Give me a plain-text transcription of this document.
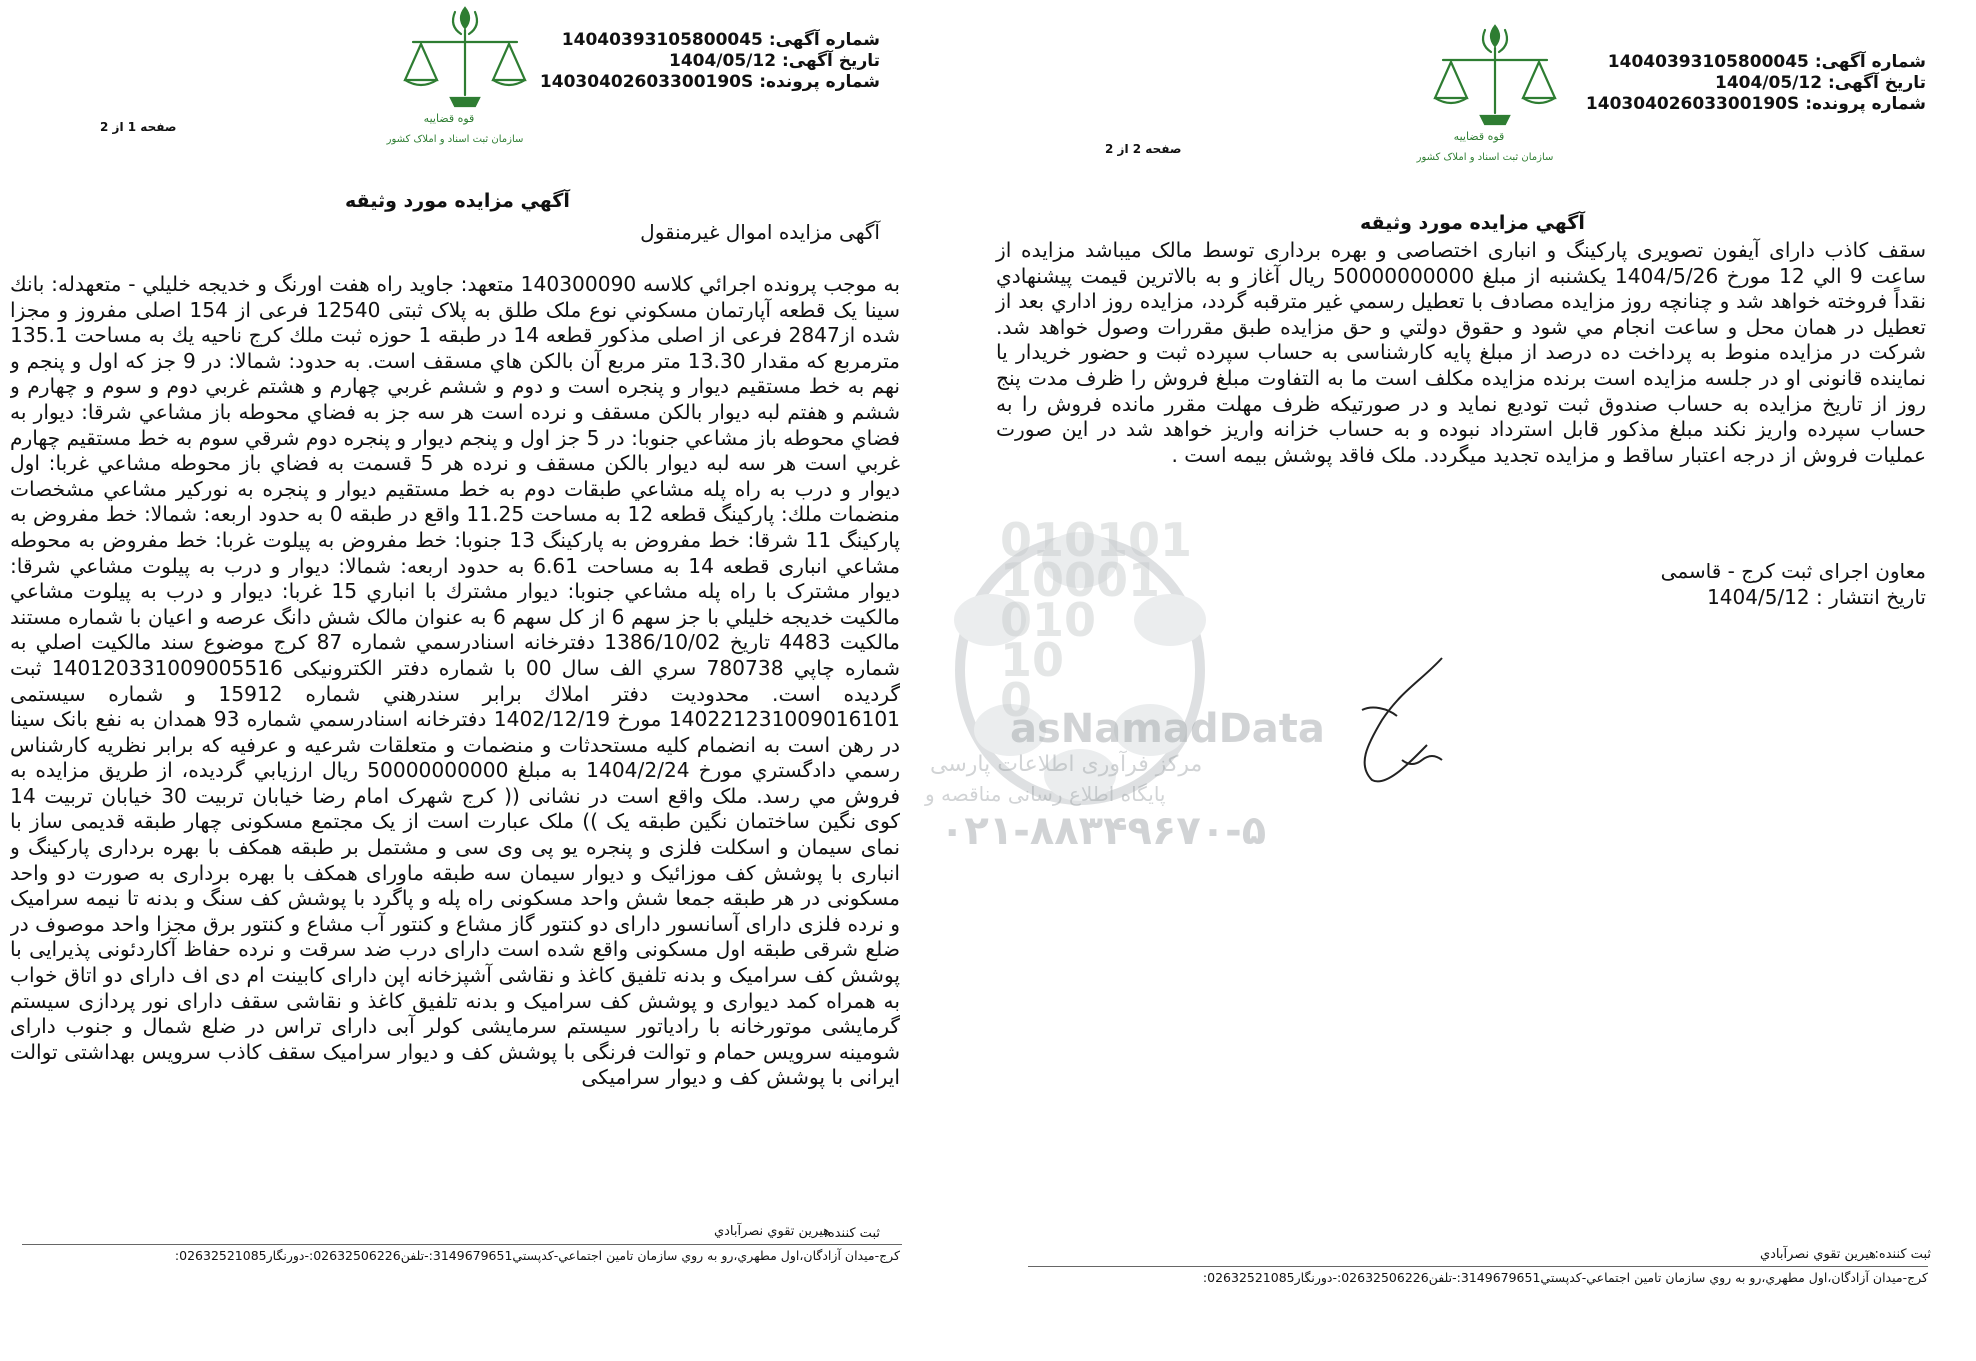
010101
10001
010
10
0
asNamadData
مرکز فرآوری اطلاعات پارسی
پایگاه اطلاع رسانی مناقصه و
۰۲۱-۸۸۳۴۹۶۷۰-۵
قوه قضاییه
سازمان ثبت اسناد و املاک کشور
شماره آگهی: 14040393105800045
تاریخ آگهی: 1404/05/12
شماره پرونده: 14030402603300190S
صفحه 1 از 2
آگهي مزايده مورد وثيقه
آگهی مزایده اموال غیرمنقول
به موجب پرونده اجرائي کلاسه 140300090 متعهد: جاويد راه هفت اورنگ و خديجه خليلي - متعهدله: بانك سينا يک قطعه آپارتمان مسکوني نوع ملک طلق به پلاک ثبتی 12540 فرعی از 154 اصلی مفروز و مجزا شده از2847 فرعی از اصلی مذکور قطعه 14 در طبقه 1 حوزه ثبت ملك كرج ناحيه يك به مساحت 135.1 مترمربع كه مقدار 13.30 متر مربع آن بالكن هاي مسقف است. به حدود: شمالا: در 9 جز كه اول و پنجم و نهم به خط مستقيم ديوار و پنجره است و دوم و ششم غربي چهارم و هشتم غربي دوم و سوم و چهارم و ششم و هفتم لبه ديوار بالکن مسقف و نرده است هر سه جز به فضاي محوطه باز مشاعي شرقا: ديوار به فضاي محوطه باز مشاعي جنوبا: در 5 جز اول و پنجم ديوار و پنجره دوم شرقي سوم به خط مستقيم چهارم غربي است هر سه لبه ديوار بالكن مسقف و نرده هر 5 قسمت به فضاي باز محوطه مشاعي غربا: اول ديوار و درب به راه پله مشاعي طبقات دوم به خط مستقيم ديوار و پنجره به نوركير مشاعي مشخصات منضمات ملك: پاركينگ قطعه 12 به مساحت 11.25 واقع در طبقه 0 به حدود اربعه: شمالا: خط مفروض به پاركينگ 11 شرقا: خط مفروض به پاركينگ 13 جنوبا: خط مفروض به پيلوت غربا: خط مفروض به محوطه مشاعي انباری قطعه 14 به مساحت 6.61 به حدود اربعه: شمالا: ديوار و درب به پيلوت مشاعي شرقا: ديوار مشترک با راه پله مشاعي جنوبا: ديوار مشترك با انباري 15 غربا: ديوار و درب به پيلوت مشاعي مالکيت خديجه خليلي با جز سهم 6 از کل سهم 6 به عنوان مالک شش دانگ عرصه و اعيان با شماره مستند مالکيت 4483 تاريخ 1386/10/02 دفترخانه اسنادرسمي شماره 87 كرج موضوع سند مالكيت اصلي به شماره چاپي 780738 سري الف سال 00 با شماره دفتر الکترونيکی 140120331009005516 ثبت گرديده است. محدوديت دفتر املاك برابر سندرهني شماره 15912 و شماره سيستمی 140221231009016101 مورخ 1402/12/19 دفترخانه اسنادرسمي شماره 93 همدان به نفع بانک سينا در رهن است به انضمام كليه مستحدثات و منضمات و متعلقات شرعيه و عرفيه كه برابر نظريه کارشناس رسمي دادگستري مورخ 1404/2/24 به مبلغ 50000000000 ريال ارزيابي گرديده، از طريق مزايده به فروش مي رسد. ملک واقع است در نشانی (( کرج شهرک امام رضا خيابان تربيت 30 خيابان تربيت 14 کوی نگين ساختمان نگين طبقه يک )) ملک عبارت است از يک مجتمع مسکونی چهار طبقه قديمی ساز با نمای سيمان و اسکلت فلزی و پنجره يو پی وی سی و مشتمل بر طبقه همکف با بهره برداری پارکينگ و انباری با پوشش کف موزائيک و ديوار سيمان سه طبقه ماورای همکف با بهره برداری به صورت دو واحد مسکونی در هر طبقه جمعا شش واحد مسکونی راه پله و پاگرد با پوشش کف سنگ و بدنه تا نيمه سراميک و نرده فلزی دارای آسانسور دارای دو کنتور گاز مشاع و کنتور آب مشاع و کنتور برق مجزا واحد موصوف در ضلع شرقی طبقه اول مسکونی واقع شده است دارای درب ضد سرقت و نرده حفاظ آکاردئونی پذيرايی با پوشش کف سراميک و بدنه تلفيق کاغذ و نقاشی آشپزخانه اپن دارای کابينت ام دی اف دارای دو اتاق خواب به همراه کمد ديواری و پوشش کف سراميک و بدنه تلفيق کاغذ و نقاشی سقف دارای نور پردازی سيستم گرمايشی موتورخانه با رادياتور سيستم سرمايشی کولر آبی دارای تراس در ضلع شمال و جنوب دارای شومينه سرويس حمام و توالت فرنگی با پوشش کف و ديوار سراميک سقف کاذب سرويس بهداشتی توالت ايرانی با پوشش کف و ديوار سراميکی
ثبت کننده:
هيرين تقوي نصرآبادي
كرج-ميدان آزادگان،اول مطهري،رو به روي سازمان تامين اجتماعي-كدپستي3149679651:-تلفن02632506226:-دورنگار02632521085:
قوه قضاییه
سازمان ثبت اسناد و املاک کشور
شماره آگهی: 14040393105800045
تاریخ آگهی: 1404/05/12
شماره پرونده: 14030402603300190S
صفحه 2 از 2
آگهي مزايده مورد وثيقه
سقف کاذب دارای آيفون تصويری پارکينگ و انباری اختصاصی و بهره برداری توسط مالک ميباشد مزايده از ساعت 9 الي 12 مورخ 1404/5/26 يکشنبه از مبلغ 50000000000 ريال آغاز و به بالاترين قيمت پيشنهادي نقداً فروخته خواهد شد و چنانچه روز مزايده مصادف با تعطيل رسمي غير مترقبه گردد، مزايده روز اداري بعد از تعطيل در همان محل و ساعت انجام مي شود و حقوق دولتي و حق مزايده طبق مقررات وصول خواهد شد. شرکت در مزايده منوط به پرداخت ده درصد از مبلغ پايه کارشناسی به حساب سپرده ثبت و حضور خريدار يا نماينده قانونی او در جلسه مزايده است برنده مزايده مکلف است ما به التفاوت مبلغ فروش را ظرف مدت پنج روز از تاريخ مزايده به حساب صندوق ثبت توديع نمايد و در صورتيکه ظرف مهلت مقرر مانده فروش را به حساب سپرده واريز نکند مبلغ مذکور قابل استرداد نبوده و به حساب خزانه واريز خواهد شد در اين صورت عمليات فروش از درجه اعتبار ساقط و مزايده تجديد ميگردد. ملک فاقد پوشش بيمه است .
معاون اجرای ثبت کرج - قاسمی
تاريخ انتشار : 1404/5/12
ثبت کننده:
هيرين تقوي نصرآبادي
كرج-ميدان آزادگان،اول مطهري،رو به روي سازمان تامين اجتماعي-كدپستي3149679651:-تلفن02632506226:-دورنگار02632521085:
